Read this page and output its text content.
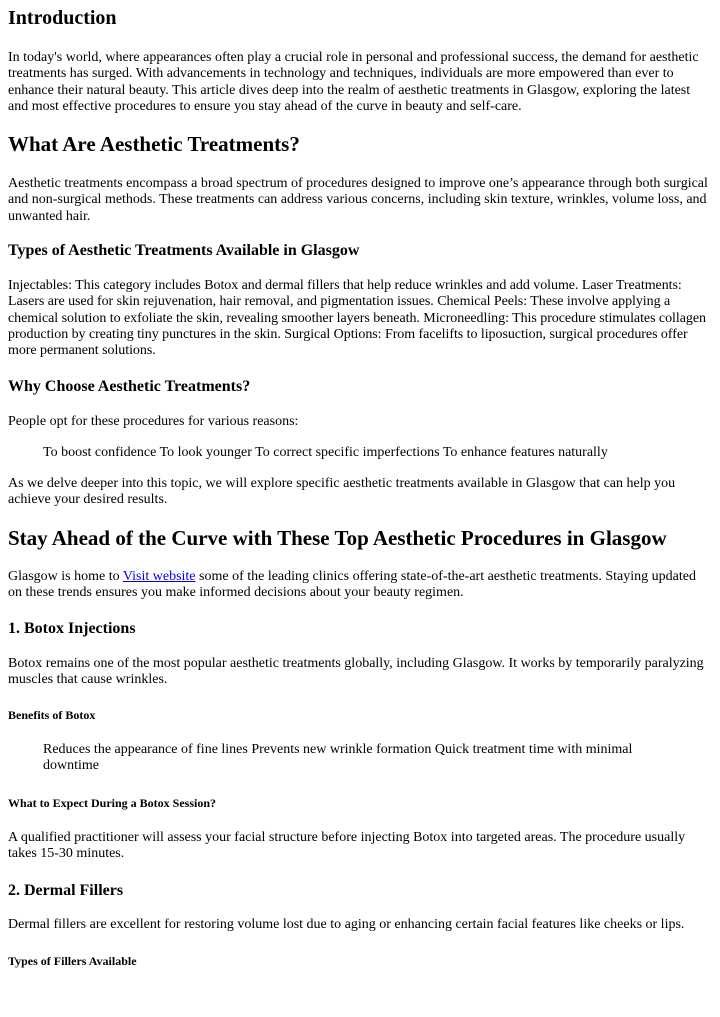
Introduction

In today's world, where appearances often play a crucial role in personal and professional success, the demand for aesthetic treatments has surged. With advancements in technology and techniques, individuals are more empowered than ever to enhance their natural beauty. This article dives deep into the realm of aesthetic treatments in Glasgow, exploring the latest and most effective procedures to ensure you stay ahead of the curve in beauty and self-care.

What Are Aesthetic Treatments?

Aesthetic treatments encompass a broad spectrum of procedures designed to improve one’s appearance through both surgical and non-surgical methods. These treatments can address various concerns, including skin texture, wrinkles, volume loss, and unwanted hair.

Types of Aesthetic Treatments Available in Glasgow

Injectables: This category includes Botox and dermal fillers that help reduce wrinkles and add volume. Laser Treatments: Lasers are used for skin rejuvenation, hair removal, and pigmentation issues. Chemical Peels: These involve applying a chemical solution to exfoliate the skin, revealing smoother layers beneath. Microneedling: This procedure stimulates collagen production by creating tiny punctures in the skin. Surgical Options: From facelifts to liposuction, surgical procedures offer more permanent solutions.

Why Choose Aesthetic Treatments?

People opt for these procedures for various reasons:

To boost confidence To look younger To correct specific imperfections To enhance features naturally

As we delve deeper into this topic, we will explore specific aesthetic treatments available in Glasgow that can help you achieve your desired results.

Stay Ahead of the Curve with These Top Aesthetic Procedures in Glasgow

Glasgow is home to Visit website some of the leading clinics offering state-of-the-art aesthetic treatments. Staying updated on these trends ensures you make informed decisions about your beauty regimen.

1. Botox Injections

Botox remains one of the most popular aesthetic treatments globally, including Glasgow. It works by temporarily paralyzing muscles that cause wrinkles.

Benefits of Botox

Reduces the appearance of fine lines Prevents new wrinkle formation Quick treatment time with minimal downtime

What to Expect During a Botox Session?

A qualified practitioner will assess your facial structure before injecting Botox into targeted areas. The procedure usually takes 15-30 minutes.

2. Dermal Fillers

Dermal fillers are excellent for restoring volume lost due to aging or enhancing certain facial features like cheeks or lips.

Types of Fillers Available
